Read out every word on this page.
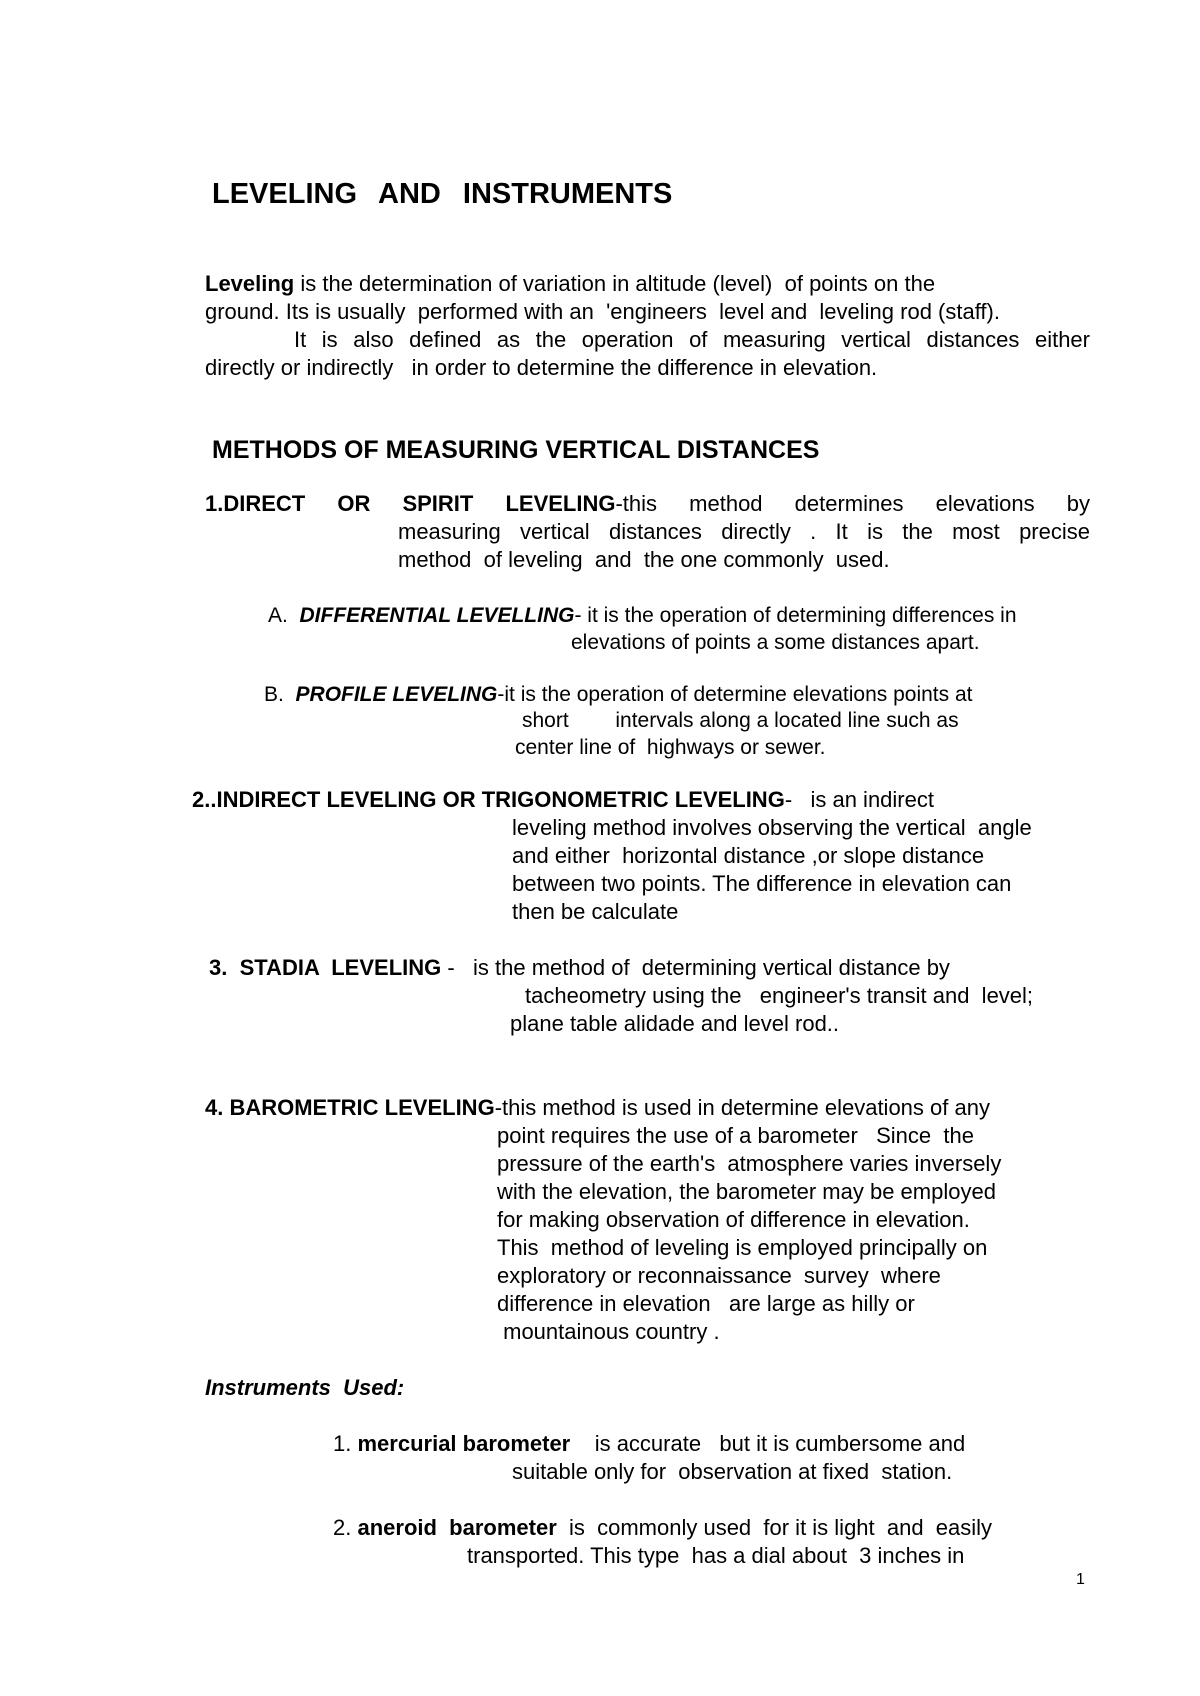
LEVELING AND INSTRUMENTS
Leveling is the determination of variation in altitude (level)  of points on the
ground. Its is usually  performed with an  'engineers  level and  leveling rod (staff).
It is also defined as the operation of measuring vertical distances either
directly or indirectly   in order to determine the difference in elevation.
METHODS OF MEASURING VERTICAL DISTANCES
1.DIRECT OR SPIRIT LEVELING-this method determines elevations by
measuring vertical distances directly . It is the most precise
method  of leveling  and  the one commonly  used.
A. DIFFERENTIAL LEVELLING- it is the operation of determining differences in
elevations of points a some distances apart.
B. PROFILE LEVELING-it is the operation of determine elevations points at
short        intervals along a located line such as
center line of  highways or sewer.
2..INDIRECT LEVELING OR TRIGONOMETRIC LEVELING-   is an indirect
leveling method involves observing the vertical  angle
and either  horizontal distance ,or slope distance
between two points. The difference in elevation can
then be calculate
3.  STADIA  LEVELING -   is the method of  determining vertical distance by
tacheometry using the   engineer's transit and  level;
plane table alidade and level rod..
4. BAROMETRIC LEVELING-this method is used in determine elevations of any
point requires the use of a barometer   Since  the
pressure of the earth's  atmosphere varies inversely
with the elevation, the barometer may be employed
for making observation of difference in elevation.
This  method of leveling is employed principally on
exploratory or reconnaissance  survey  where
difference in elevation   are large as hilly or
mountainous country .
Instruments  Used:
1. mercurial barometer    is accurate   but it is cumbersome and
suitable only for  observation at fixed  station.
2. aneroid  barometer  is  commonly used  for it is light  and  easily
transported. This type  has a dial about  3 inches in
1
